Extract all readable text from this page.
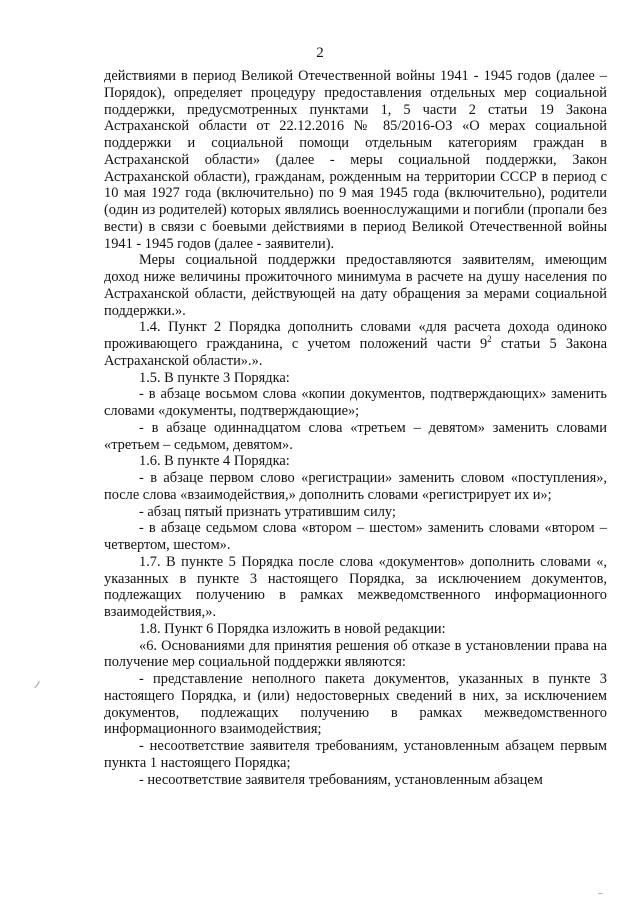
2

действиями в период Великой Отечественной войны 1941 - 1945 годов (далее – Порядок), определяет процедуру предоставления отдельных мер социальной поддержки, предусмотренных пунктами 1, 5 части 2 статьи 19 Закона Астраханской области от 22.12.2016 № 85/2016-ОЗ «О мерах социальной поддержки и социальной помощи отдельным категориям граждан в Астраханской области» (далее - меры социальной поддержки, Закон Астраханской области), гражданам, рожденным на территории СССР в период с 10 мая 1927 года (включительно) по 9 мая 1945 года (включительно), родители (один из родителей) которых являлись военнослужащими и погибли (пропали без вести) в связи с боевыми действиями в период Великой Отечественной войны 1941 - 1945 годов (далее - заявители).

Меры социальной поддержки предоставляются заявителям, имеющим доход ниже величины прожиточного минимума в расчете на душу населения по Астраханской области, действующей на дату обращения за мерами социальной поддержки.».

1.4. Пункт 2 Порядка дополнить словами «для расчета дохода одиноко проживающего гражданина, с учетом положений части $9^2$ статьи 5 Закона Астраханской области».».

1.5. В пункте 3 Порядка:

- в абзаце восьмом слова «копии документов, подтверждающих» заменить словами «документы, подтверждающие»;

- в абзаце одиннадцатом слова «третьем – девятом» заменить словами «третьем – седьмом, девятом».

1.6. В пункте 4 Порядка:

- в абзаце первом слово «регистрации» заменить словом «поступления», после слова «взаимодействия,» дополнить словами «регистрирует их и»;

- абзац пятый признать утратившим силу;

- в абзаце седьмом слова «втором – шестом» заменить словами «втором – четвертом, шестом».

1.7. В пункте 5 Порядка после слова «документов» дополнить словами «, указанных в пункте 3 настоящего Порядка, за исключением документов, подлежащих получению в рамках межведомственного информационного взаимодействия,».

1.8. Пункт 6 Порядка изложить в новой редакции:

«6. Основаниями для принятия решения об отказе в установлении права на получение мер социальной поддержки являются:

- представление неполного пакета документов, указанных в пункте 3 настоящего Порядка, и (или) недостоверных сведений в них, за исключением документов, подлежащих получению в рамках межведомственного информационного взаимодействия;

- несоответствие заявителя требованиям, установленным абзацем первым пункта 1 настоящего Порядка;

- несоответствие заявителя требованиям, установленным абзацем
